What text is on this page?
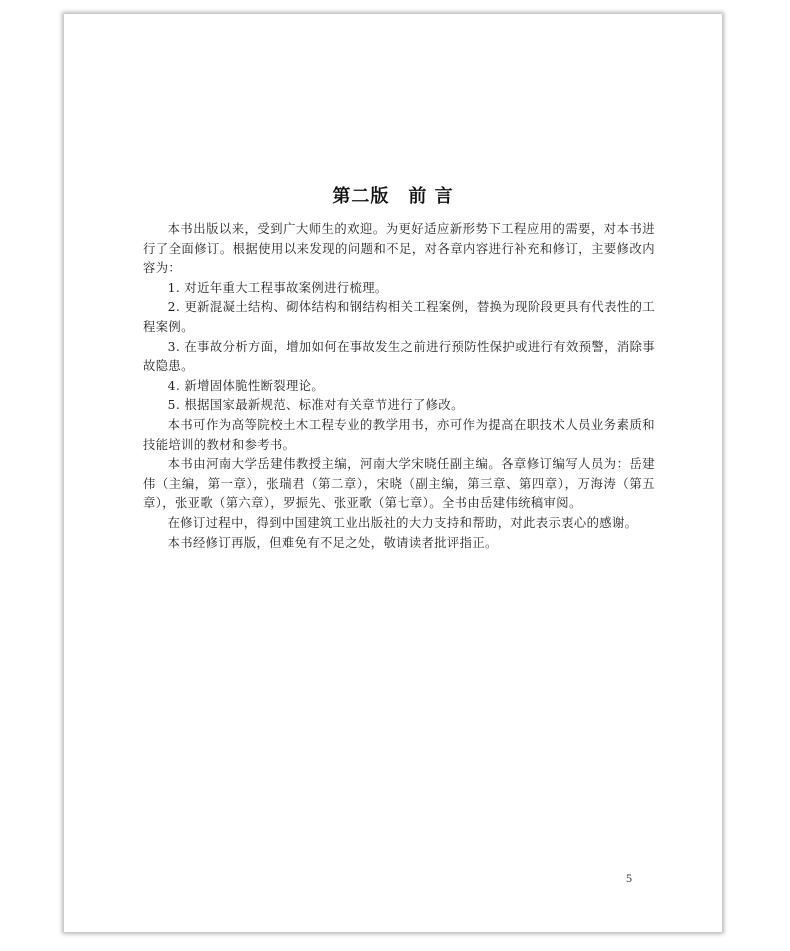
第二版　前 言

本书出版以来，受到广大师生的欢迎。为更好适应新形势下工程应用的需要，对本书进行了全面修订。根据使用以来发现的问题和不足，对各章内容进行补充和修订，主要修改内容为：

1. 对近年重大工程事故案例进行梳理。

2. 更新混凝土结构、砌体结构和钢结构相关工程案例，替换为现阶段更具有代表性的工程案例。

3. 在事故分析方面，增加如何在事故发生之前进行预防性保护或进行有效预警，消除事故隐患。

4. 新增固体脆性断裂理论。

5. 根据国家最新规范、标准对有关章节进行了修改。

本书可作为高等院校土木工程专业的教学用书，亦可作为提高在职技术人员业务素质和技能培训的教材和参考书。

本书由河南大学岳建伟教授主编，河南大学宋晓任副主编。各章修订编写人员为：岳建伟（主编，第一章），张瑞君（第二章），宋晓（副主编，第三章、第四章），万海涛（第五章），张亚歌（第六章），罗振先、张亚歌（第七章）。全书由岳建伟统稿审阅。

在修订过程中，得到中国建筑工业出版社的大力支持和帮助，对此表示衷心的感谢。

本书经修订再版，但难免有不足之处，敬请读者批评指正。

5
